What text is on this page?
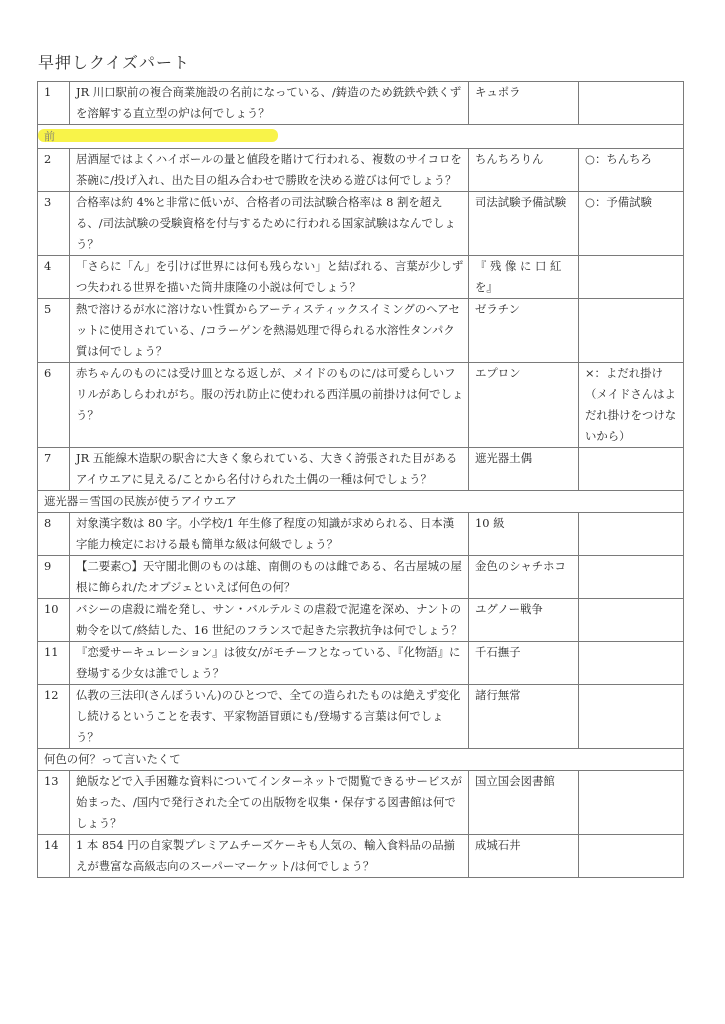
早押しクイズパート
1	JR 川口駅前の複合商業施設の名前になっている、/鋳造のため銑鉄や鉄くずを溶解する直立型の炉は何でしょう？	キュポラ	

前			

2	居酒屋ではよくハイボールの量と値段を賭けて行われる、複数のサイコロを茶碗に/投げ入れ、出た目の組み合わせで勝敗を決める遊びは何でしょう？	ちんちろりん	○：ちんちろ
3	合格率は約 4%と非常に低いが、合格者の司法試験合格率は 8 割を超える、/司法試験の受験資格を付与するために行われる国家試験はなんでしょう？	司法試験予備試験	○：予備試験
4	「さらに「ん」を引けば世界には何も残らない」と結ばれる、言葉が少しずつ失われる世界を描いた筒井康隆の小説は何でしょう？	『 残 像 に 口 紅 を』	
5	熱で溶けるが水に溶けない性質からアーティスティックスイミングのヘアセットに使用されている、/コラーゲンを熱湯処理で得られる水溶性タンパク質は何でしょう？	ゼラチン	
6	赤ちゃんのものには受け皿となる返しが、メイドのものに/は可愛らしいフリルがあしらわれがち。服の汚れ防止に使われる西洋風の前掛けは何でしょう？	エプロン	×：よだれ掛け（メイドさんはよだれ掛けをつけないから）
7	JR 五能線木造駅の駅舎に大きく象られている、大きく誇張された目があるアイウエアに見える/ことから名付けられた土偶の一種は何でしょう？	遮光器土偶	
遮光器＝雪国の民族が使うアイウエア			
8	対象漢字数は 80 字。小学校/1 年生修了程度の知識が求められる、日本漢字能力検定における最も簡単な級は何級でしょう？	10 級	
9	【二要素○】天守閣北側のものは雄、南側のものは雌である、名古屋城の屋根に飾られ/たオブジェといえば何色の何？	金色のシャチホコ	
10	バシーの虐殺に端を発し、サン・バルテルミの虐殺で泥違を深め、ナントの勅令を以て/終結した、16 世紀のフランスで起きた宗教抗争は何でしょう？	ユグノー戦争	
11	『恋愛サーキュレーション』は彼女/がモチーフとなっている、『化物語』に登場する少女は誰でしょう？	千石撫子	
12	仏教の三法印(さんぼういん)のひとつで、全ての造られたものは絶えず変化し続けるということを表す、平家物語冒頭にも/登場する言葉は何でしょう？	諸行無常	
何色の何？って言いたくて			
13	絶版などで入手困難な資料についてインターネットで閲覧できるサービスが始まった、/国内で発行された全ての出版物を収集・保存する図書館は何でしょう？	国立国会図書館	
14	1 本 854 円の自家製プレミアムチーズケーキも人気の、輸入食料品の品揃えが豊富な高級志向のスーパーマーケット/は何でしょう？	成城石井	
